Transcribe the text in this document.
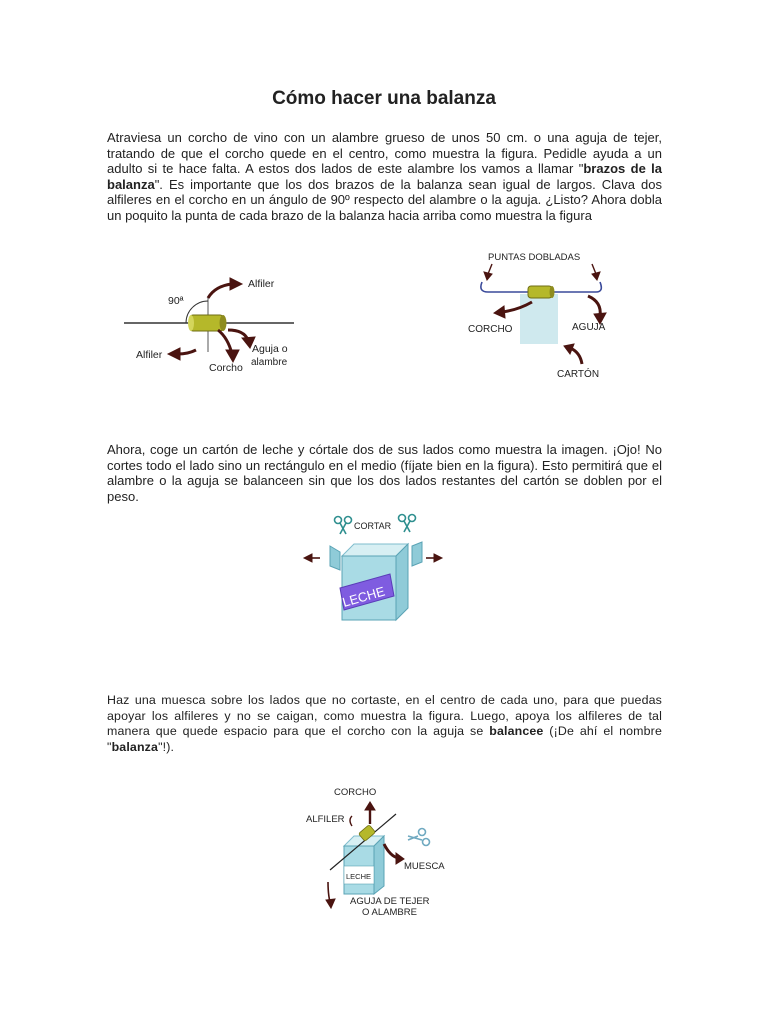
Cómo hacer una balanza

Atraviesa un corcho de vino con un alambre grueso de unos 50 cm. o una aguja de tejer, tratando de que el corcho quede en el centro, como muestra la figura. Pedidle ayuda a un adulto si te hace falta. A estos dos lados de este alambre los vamos a llamar "brazos de la balanza". Es importante que los dos brazos de la balanza sean igual de largos. Clava dos alfileres en el corcho en un ángulo de 90º respecto del alambre o la aguja. ¿Listo? Ahora dobla un poquito la punta de cada brazo de la balanza hacia arriba como muestra la figura

90ª
Alfiler
Alfiler
Corcho
Aguja o
alambre
PUNTAS DOBLADAS
CORCHO	AGUJA
CARTÓN

Ahora, coge un cartón de leche y córtale dos de sus lados como muestra la imagen. ¡Ojo! No cortes todo el lado sino un rectángulo en el medio (fíjate bien en la figura). Esto permitirá que el alambre o la aguja se balanceen sin que los dos lados restantes del cartón se doblen por el peso.

LECHE
CORTAR

Haz una muesca sobre los lados que no cortaste, en el centro de cada uno, para que puedas apoyar los alfileres y no se caigan, como muestra la figura. Luego, apoya los alfileres de tal manera que quede espacio para que el corcho con la aguja se balancee (¡De ahí el nombre "balanza"!).

LECHE
CORCHO
ALFILER
MUESCA
AGUJA DE TEJER
O ALAMBRE
